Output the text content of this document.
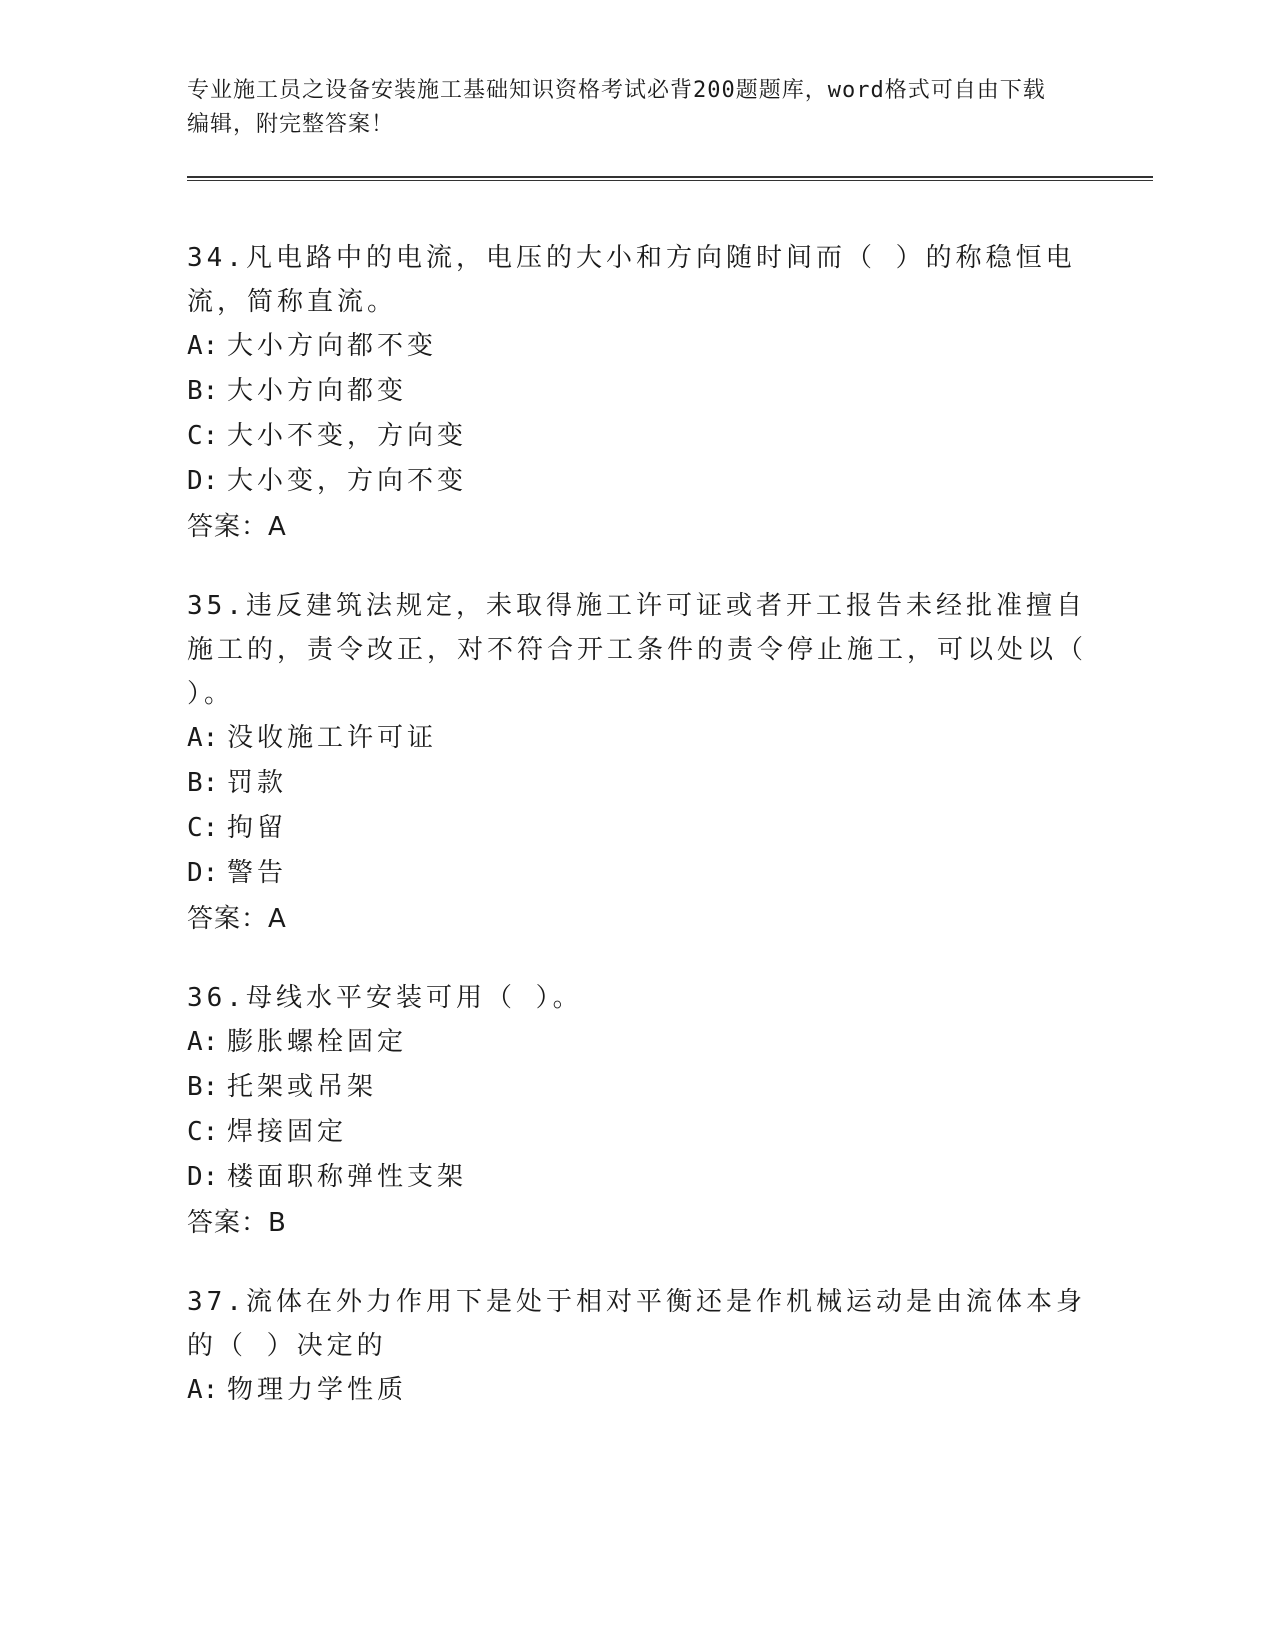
专业施工员之设备安装施工基础知识资格考试必背200题题库，word格式可自由下载编辑，附完整答案！

34.凡电路中的电流，电压的大小和方向随时间而（ ）的称稳恒电流，简称直流。

A: 大小方向都不变
B: 大小方向都变
C: 大小不变，方向变
D: 大小变，方向不变
答案：A

35.违反建筑法规定，未取得施工许可证或者开工报告未经批准擅自施工的，责令改正，对不符合开工条件的责令停止施工，可以处以（ ）。

A: 没收施工许可证
B: 罚款
C: 拘留
D: 警告
答案：A

36.母线水平安装可用（ ）。

A: 膨胀螺栓固定
B: 托架或吊架
C: 焊接固定
D: 楼面职称弹性支架
答案：B

37.流体在外力作用下是处于相对平衡还是作机械运动是由流体本身的（ ）决定的

A: 物理力学性质
